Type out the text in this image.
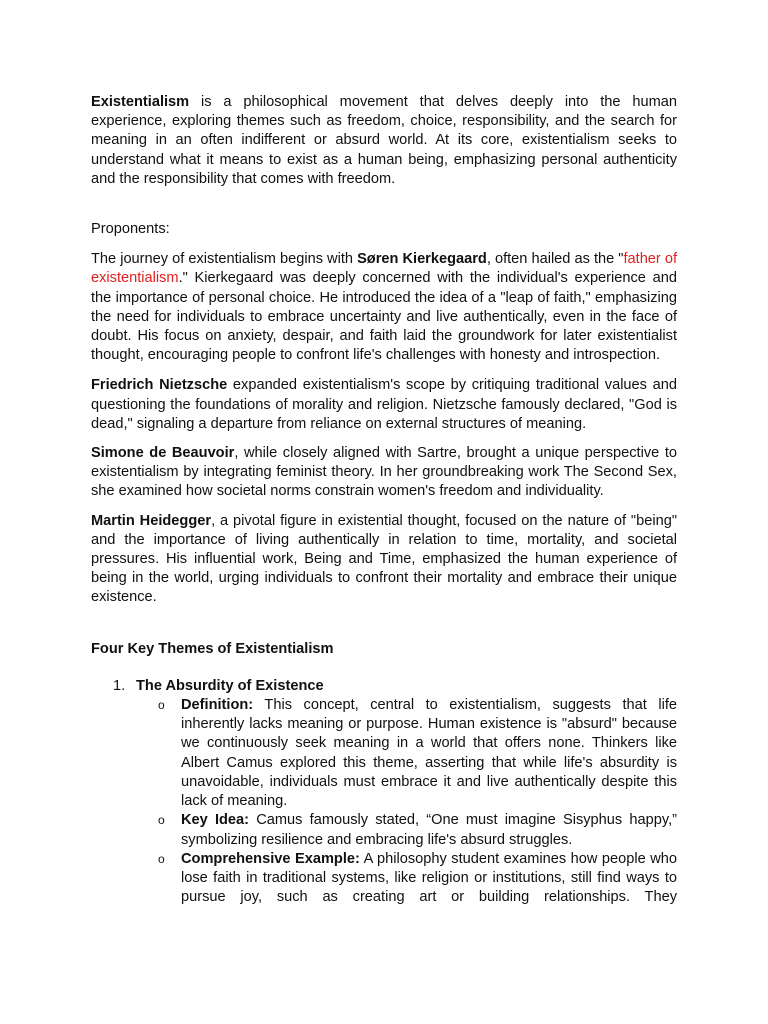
Existentialism is a philosophical movement that delves deeply into the human experience, exploring themes such as freedom, choice, responsibility, and the search for meaning in an often indifferent or absurd world. At its core, existentialism seeks to understand what it means to exist as a human being, emphasizing personal authenticity and the responsibility that comes with freedom.

Proponents:

The journey of existentialism begins with Søren Kierkegaard, often hailed as the "father of existentialism." Kierkegaard was deeply concerned with the individual's experience and the importance of personal choice. He introduced the idea of a "leap of faith," emphasizing the need for individuals to embrace uncertainty and live authentically, even in the face of doubt. His focus on anxiety, despair, and faith laid the groundwork for later existentialist thought, encouraging people to confront life's challenges with honesty and introspection.

Friedrich Nietzsche expanded existentialism's scope by critiquing traditional values and questioning the foundations of morality and religion. Nietzsche famously declared, "God is dead," signaling a departure from reliance on external structures of meaning.

Simone de Beauvoir, while closely aligned with Sartre, brought a unique perspective to existentialism by integrating feminist theory. In her groundbreaking work The Second Sex, she examined how societal norms constrain women's freedom and individuality.

Martin Heidegger, a pivotal figure in existential thought, focused on the nature of "being" and the importance of living authentically in relation to time, mortality, and societal pressures. His influential work, Being and Time, emphasized the human experience of being in the world, urging individuals to confront their mortality and embrace their unique existence.

Four Key Themes of Existentialism

1. The Absurdity of Existence
o Definition: This concept, central to existentialism, suggests that life inherently lacks meaning or purpose. Human existence is "absurd" because we continuously seek meaning in a world that offers none. Thinkers like Albert Camus explored this theme, asserting that while life's absurdity is unavoidable, individuals must embrace it and live authentically despite this lack of meaning.
o Key Idea: Camus famously stated, “One must imagine Sisyphus happy,” symbolizing resilience and embracing life's absurd struggles.
o Comprehensive Example: A philosophy student examines how people who lose faith in traditional systems, like religion or institutions, still find ways to pursue joy, such as creating art or building relationships. They
